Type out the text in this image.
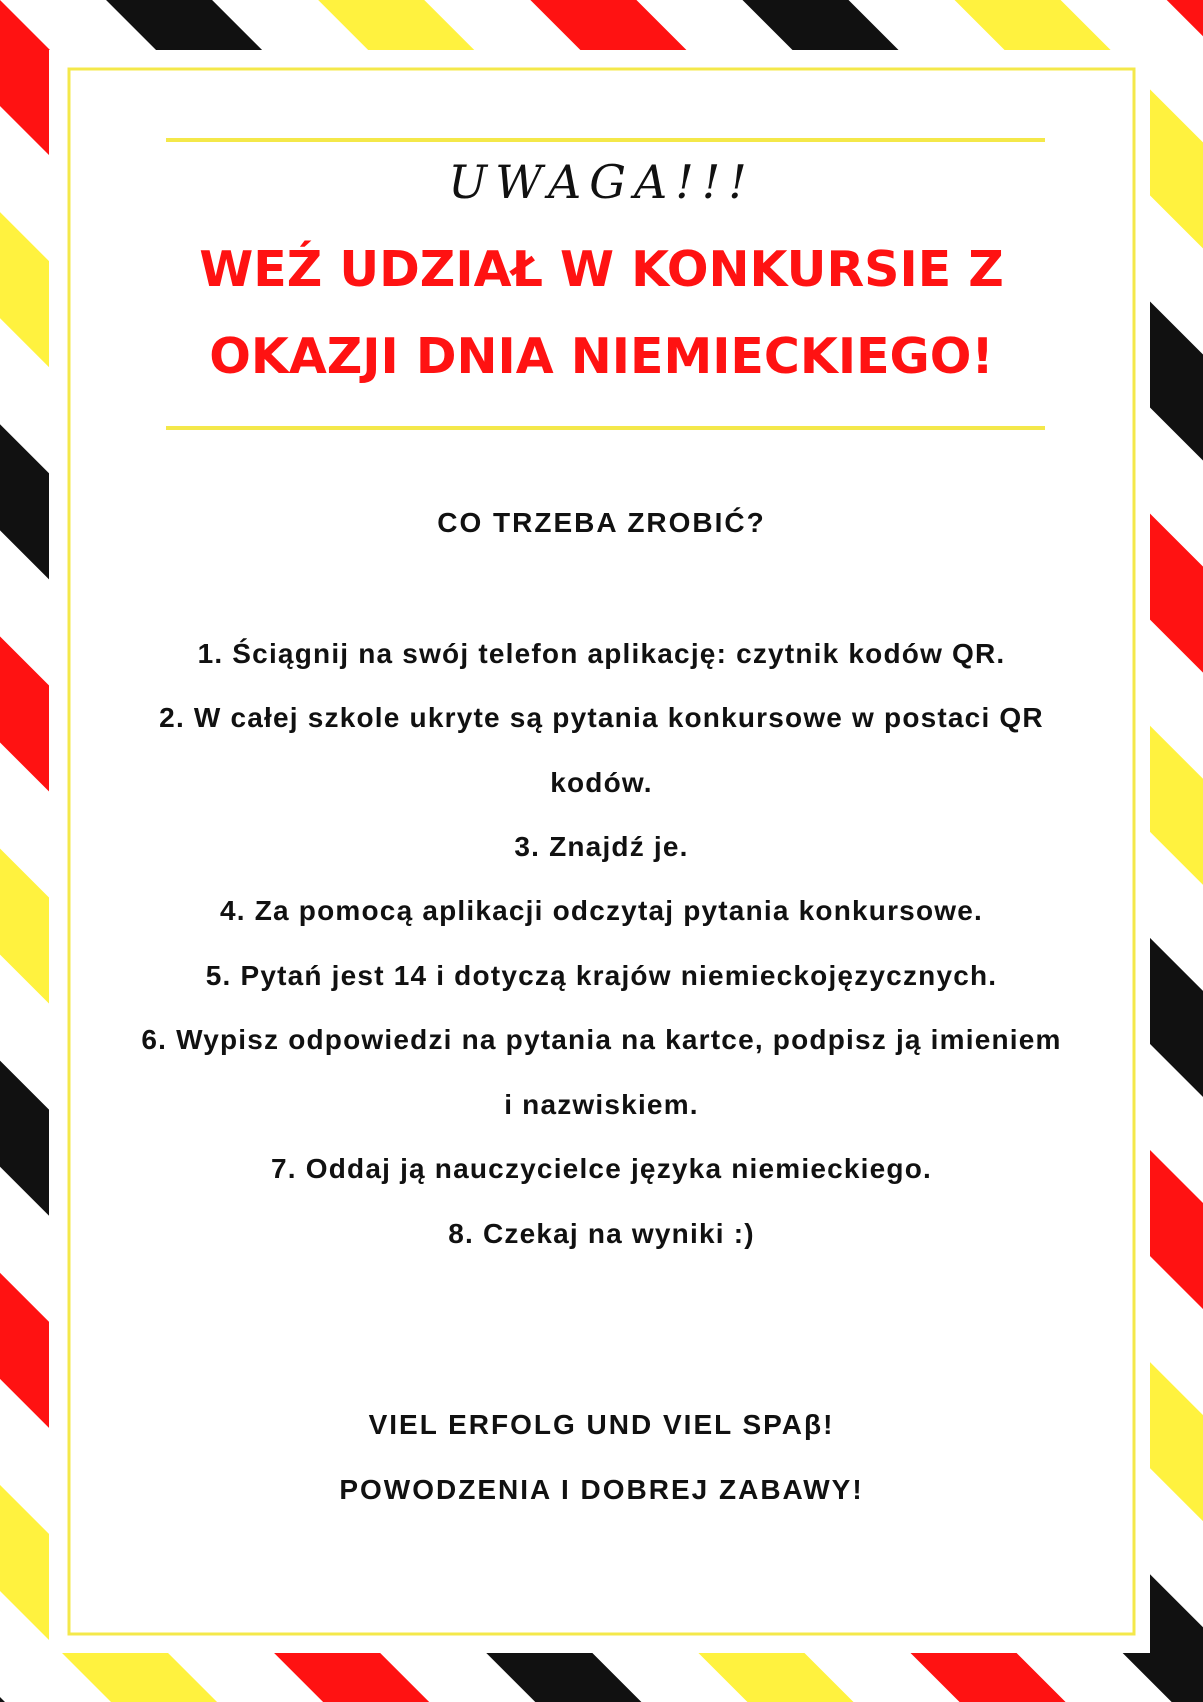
UWAGA!!!
WEŹ UDZIAŁ W KONKURSIE Z
OKAZJI DNIA NIEMIECKIEGO!
CO TRZEBA ZROBIĆ?
1. Ściągnij na swój telefon aplikację: czytnik kodów QR.
2. W całej szkole ukryte są pytania konkursowe w postaci QR
kodów.
3. Znajdź je.
4. Za pomocą aplikacji odczytaj pytania konkursowe.
5. Pytań jest 14 i dotyczą krajów niemieckojęzycznych.
6. Wypisz odpowiedzi na pytania na kartce, podpisz ją imieniem
i nazwiskiem.
7. Oddaj ją nauczycielce języka niemieckiego.
8. Czekaj na wyniki :)
VIEL ERFOLG UND VIEL SPAβ!
POWODZENIA I DOBREJ ZABAWY!
